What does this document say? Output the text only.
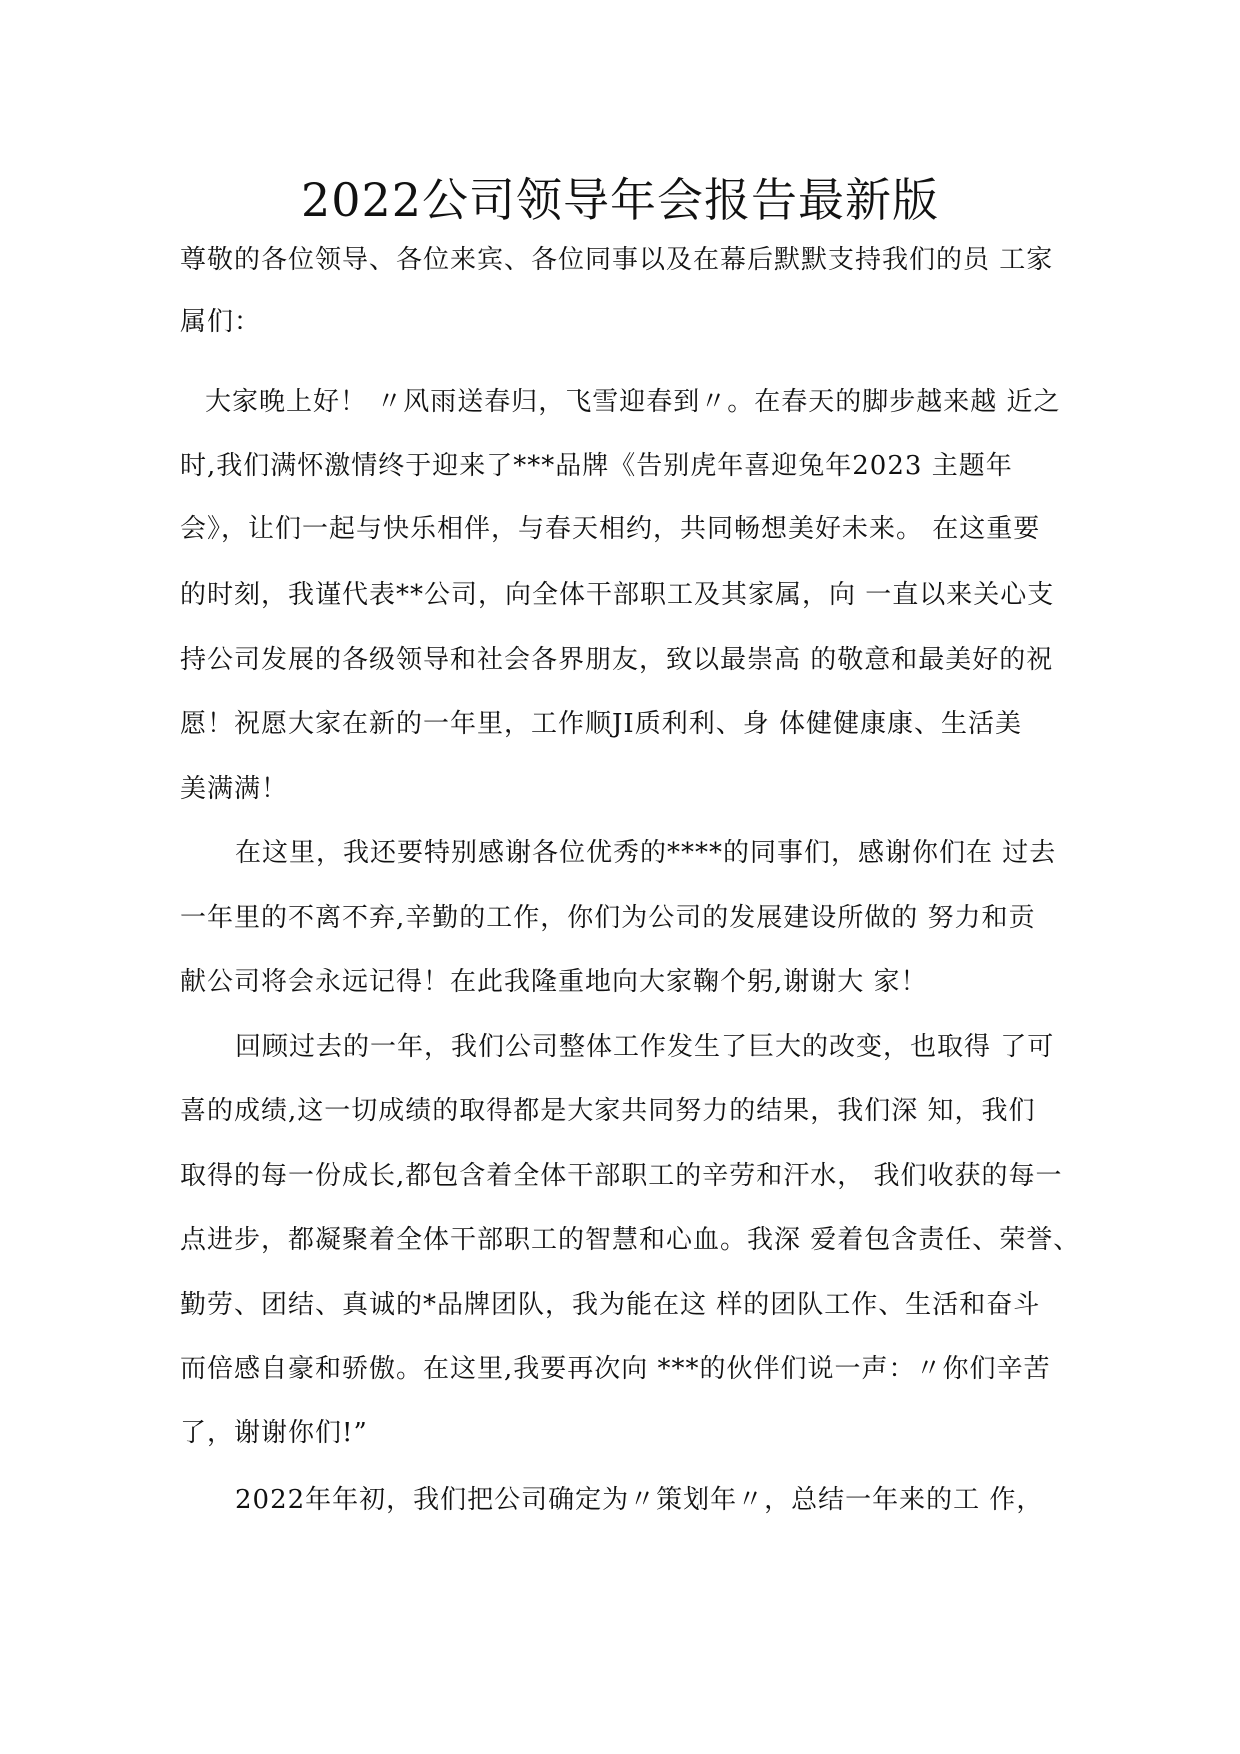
2022公司领导年会报告最新版
尊敬的各位领导、各位来宾、各位同事以及在幕后默默支持我们的员 工家
属们：
大家晚上好！ 〃风雨送春归，飞雪迎春到〃。在春天的脚步越来越 近之
时,我们满怀激情终于迎来了***品牌《告别虎年喜迎兔年2023 主题年
会》，让们一起与快乐相伴，与春天相约，共同畅想美好未来。 在这重要
的时刻，我谨代表**公司，向全体干部职工及其家属，向 一直以来关心支
持公司发展的各级领导和社会各界朋友，致以最崇高 的敬意和最美好的祝
愿！祝愿大家在新的一年里，工作顺JI质利利、身 体健健康康、生活美
美满满！
在这里，我还要特别感谢各位优秀的****的同事们，感谢你们在 过去
一年里的不离不弃,辛勤的工作，你们为公司的发展建设所做的 努力和贡
献公司将会永远记得！在此我隆重地向大家鞠个躬,谢谢大 家！
回顾过去的一年，我们公司整体工作发生了巨大的改变，也取得 了可
喜的成绩,这一切成绩的取得都是大家共同努力的结果，我们深 知，我们
取得的每一份成长,都包含着全体干部职工的辛劳和汗水， 我们收获的每一
点进步，都凝聚着全体干部职工的智慧和心血。我深 爱着包含责任、荣誉、
勤劳、团结、真诚的*品牌团队，我为能在这 样的团队工作、生活和奋斗
而倍感自豪和骄傲。在这里,我要再次向 ***的伙伴们说一声：〃你们辛苦
了，谢谢你们!”
2022年年初，我们把公司确定为〃策划年〃，总结一年来的工 作，
